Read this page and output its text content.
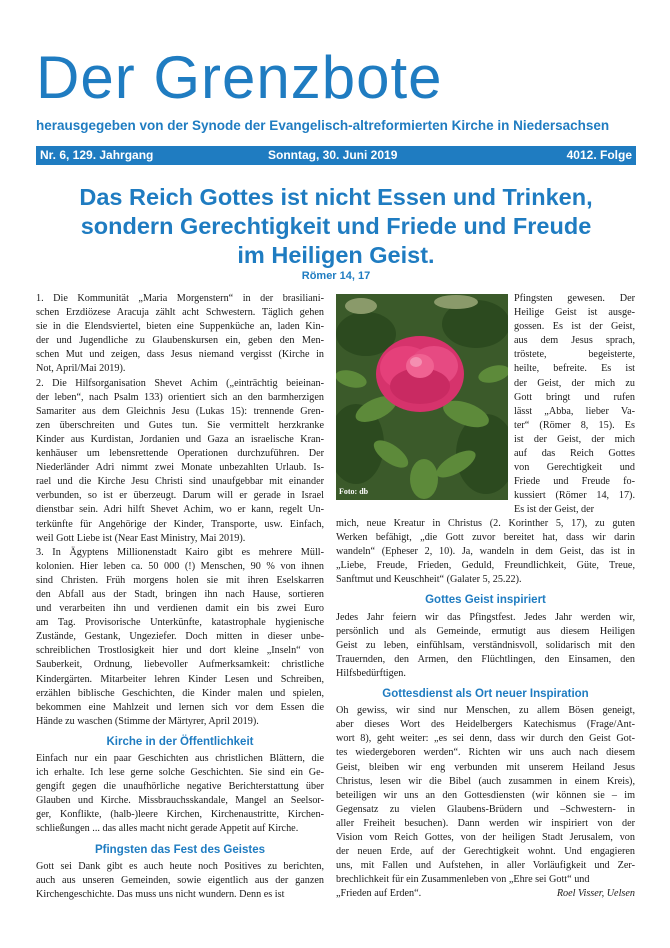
Der Grenzbote
herausgegeben von der Synode der Evangelisch-altreformierten Kirche in Niedersachsen
Nr. 6, 129. Jahrgang	Sonntag, 30. Juni 2019	4012. Folge
Das Reich Gottes ist nicht Essen und Trinken,
sondern Gerechtigkeit und Friede und Freude
im Heiligen Geist.
Römer 14, 17

1. Die Kommunität „Maria Morgenstern“ in der brasiliani-
schen Erzdiözese Aracuja zählt acht Schwestern. Täglich gehen
sie in die Elendsviertel, bieten eine Suppenküche an, laden Kin-
der und Jugendliche zu Glaubenskursen ein, geben den Men-
schen Mut und zeigen, dass Jesus niemand vergisst (Kirche in
Not, April/Mai 2019).

2. Die Hilfsorganisation Shevet Achim („einträchtig beieinan-
der leben“, nach Psalm 133) orientiert sich an den barmherzigen
Samariter aus dem Gleichnis Jesu (Lukas 15): trennende Gren-
zen überschreiten und Gutes tun. Sie vermittelt herzkranke
Kinder aus Kurdistan, Jordanien und Gaza an israelische Kran-
kenhäuser um lebensrettende Operationen durchzuführen. Der
Niederländer Adri nimmt zwei Monate unbezahlten Urlaub. Is-
rael und die Kirche Jesu Christi sind unaufgebbar mit einander
verbunden, so ist er überzeugt. Darum will er gerade in Israel
dienstbar sein. Adri hilft Shevet Achim, wo er kann, regelt Un-
terkünfte für Angehörige der Kinder, Transporte, usw. Einfach,
weil Gott Liebe ist (Near East Ministry, Mai 2019).

3. In Ägyptens Millionenstadt Kairo gibt es mehrere Müll-
kolonien. Hier leben ca. 50 000 (!) Menschen, 90 % von ihnen
sind Christen. Früh morgens holen sie mit ihren Eselskarren
den Abfall aus der Stadt, bringen ihn nach Hause, sortieren
und verarbeiten ihn und verdienen damit ein bis zwei Euro
am Tag. Provisorische Unterkünfte, katastrophale hygienische
Zustände, Gestank, Ungeziefer. Doch mitten in dieser unbe-
schreiblichen Trostlosigkeit hier und dort kleine „Inseln“ von
Sauberkeit, Ordnung, liebevoller Aufmerksamkeit: christliche
Kindergärten. Mitarbeiter lehren Kinder Lesen und Schreiben,
erzählen biblische Geschichten, die Kinder malen und spielen,
bekommen eine Mahlzeit und lernen sich vor dem Essen die
Hände zu waschen (Stimme der Märtyrer, April 2019).

Kirche in der Öffentlichkeit

Einfach nur ein paar Geschichten aus christlichen Blättern, die
ich erhalte. Ich lese gerne solche Geschichten. Sie sind ein Ge-
gengift gegen die unaufhörliche negative Berichterstattung über
Glauben und Kirche. Missbrauchsskandale, Mangel an Seelsor-
ger, Konflikte, (halb-)leere Kirchen, Kirchenaustritte, Kirchen-
schließungen ... das alles macht nicht gerade Appetit auf Kirche.

Pfingsten das Fest des Geistes

Gott sei Dank gibt es auch heute noch Positives zu berichten,
auch aus unseren Gemeinden, sowie eigentlich aus der ganzen
Kirchengeschichte. Das muss uns nicht wundern. Denn es ist

Foto: db

Pfingsten gewesen. Der
Heilige Geist ist ausge-
gossen. Es ist der Geist,
aus dem Jesus sprach,
tröstete, begeisterte,
heilte, befreite. Es ist
der Geist, der mich zu
Gott bringt und rufen
lässt „Abba, lieber Va-
ter“ (Römer 8, 15). Es
ist der Geist, der mich
auf das Reich Gottes
von Gerechtigkeit und
Friede und Freude fo-
kussiert (Römer 14, 17).
Es ist der Geist, der

mich, neue Kreatur in Christus (2. Korinther 5, 17), zu guten
Werken befähigt, „die Gott zuvor bereitet hat, dass wir darin
wandeln“ (Epheser 2, 10). Ja, wandeln in dem Geist, das ist in
„Liebe, Freude, Frieden, Geduld, Freundlichkeit, Güte, Treue,
Sanftmut und Keuschheit“ (Galater 5, 25.22).

Gottes Geist inspiriert

Jedes Jahr feiern wir das Pfingstfest. Jedes Jahr werden wir,
persönlich und als Gemeinde, ermutigt aus diesem Heiligen
Geist zu leben, einfühlsam, verständnisvoll, solidarisch mit den
Trauernden, den Armen, den Flüchtlingen, den Einsamen, den
Hilfsbedürftigen.

Gottesdienst als Ort neuer Inspiration

Oh gewiss, wir sind nur Menschen, zu allem Bösen geneigt,
aber dieses Wort des Heidelbergers Katechismus (Frage/Ant-
wort 8), geht weiter: „es sei denn, dass wir durch den Geist Got-
tes wiedergeboren werden“. Richten wir uns auch nach diesem
Geist, bleiben wir eng verbunden mit unserem Heiland Jesus
Christus, lesen wir die Bibel (auch zusammen in einem Kreis),
beteiligen wir uns an den Gottesdiensten (wir können sie – im
Gegensatz zu vielen Glaubens-Brüdern und –Schwestern- in
aller Freiheit besuchen). Dann werden wir inspiriert von der
Vision vom Reich Gottes, von der heiligen Stadt Jerusalem, von
der neuen Erde, auf der Gerechtigkeit wohnt. Und engagieren
uns, mit Fallen und Aufstehen, in aller Vorläufigkeit und Zer-
brechlichkeit für ein Zusammenleben von „Ehre sei Gott“ und

„Frieden auf Erden“.	Roel Visser, Uelsen
